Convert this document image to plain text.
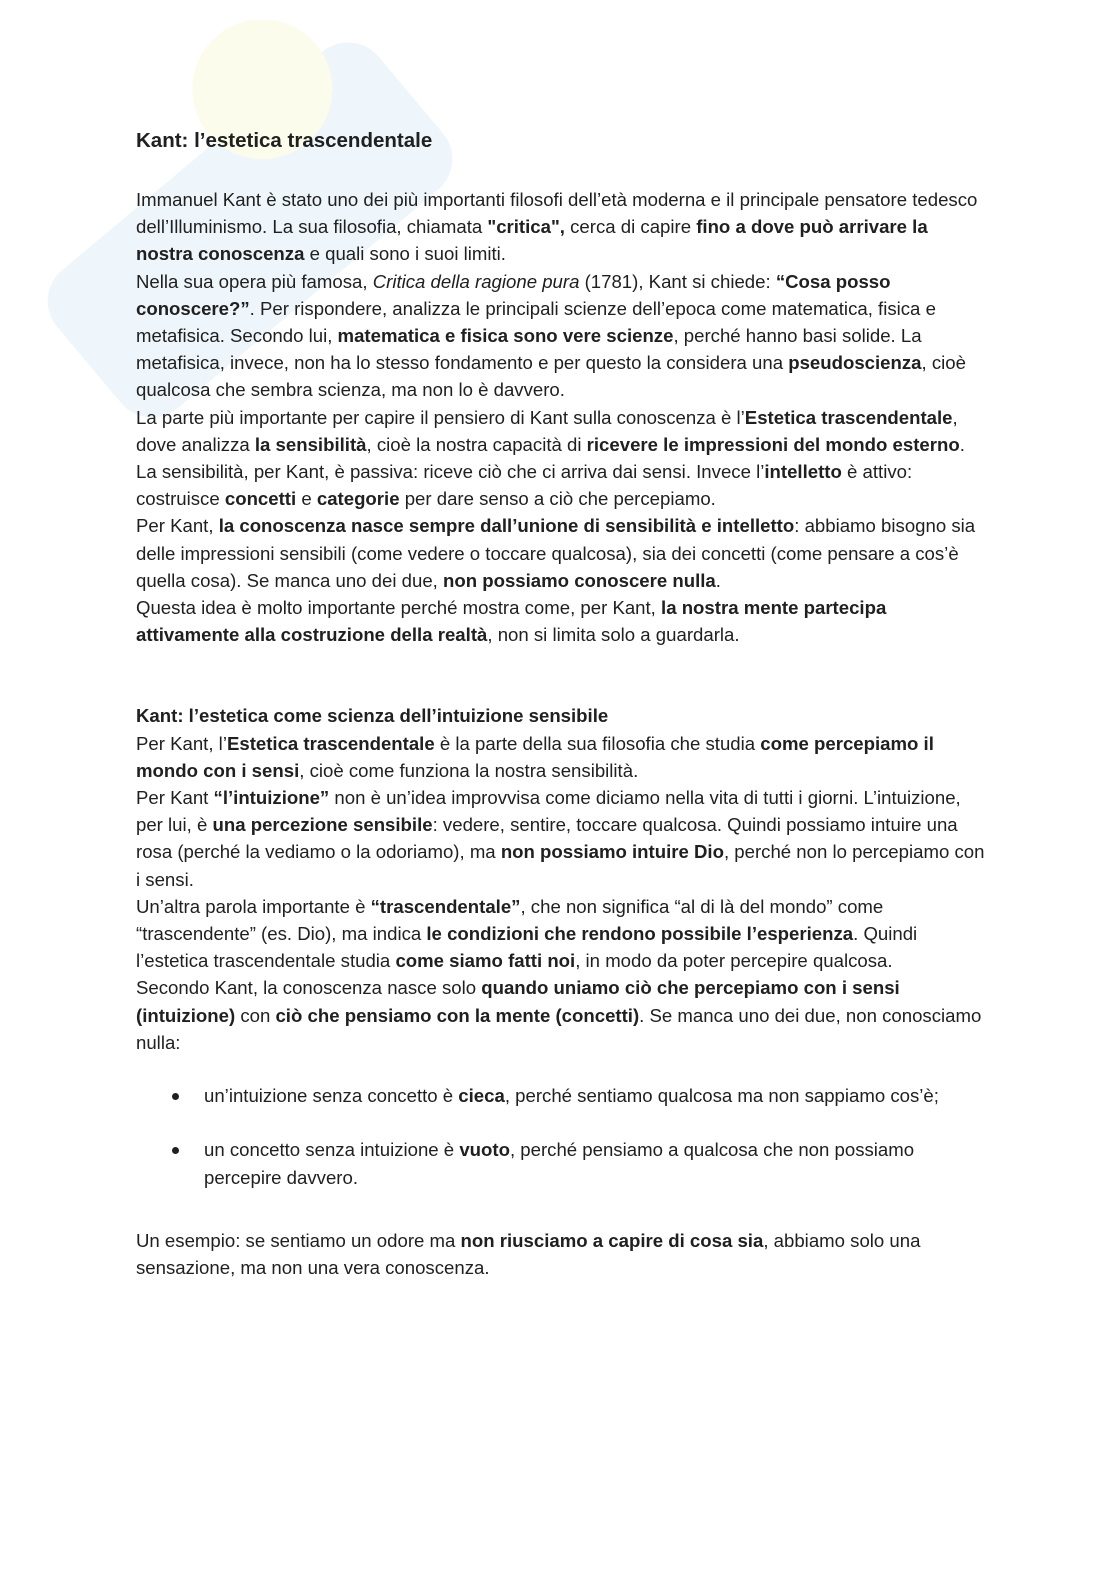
Kant: l’estetica trascendentale

Immanuel Kant è stato uno dei più importanti filosofi dell’età moderna e il principale pensatore tedesco dell’Illuminismo. La sua filosofia, chiamata "critica", cerca di capire fino a dove può arrivare la nostra conoscenza e quali sono i suoi limiti.

Nella sua opera più famosa, Critica della ragione pura (1781), Kant si chiede: “Cosa posso conoscere?”. Per rispondere, analizza le principali scienze dell’epoca come matematica, fisica e metafisica. Secondo lui, matematica e fisica sono vere scienze, perché hanno basi solide. La metafisica, invece, non ha lo stesso fondamento e per questo la considera una pseudoscienza, cioè qualcosa che sembra scienza, ma non lo è davvero.

La parte più importante per capire il pensiero di Kant sulla conoscenza è l’Estetica trascendentale, dove analizza la sensibilità, cioè la nostra capacità di ricevere le impressioni del mondo esterno. La sensibilità, per Kant, è passiva: riceve ciò che ci arriva dai sensi. Invece l’intelletto è attivo: costruisce concetti e categorie per dare senso a ciò che percepiamo.

Per Kant, la conoscenza nasce sempre dall’unione di sensibilità e intelletto: abbiamo bisogno sia delle impressioni sensibili (come vedere o toccare qualcosa), sia dei concetti (come pensare a cos’è quella cosa). Se manca uno dei due, non possiamo conoscere nulla.

Questa idea è molto importante perché mostra come, per Kant, la nostra mente partecipa attivamente alla costruzione della realtà, non si limita solo a guardarla.

Kant: l’estetica come scienza dell’intuizione sensibile

Per Kant, l’Estetica trascendentale è la parte della sua filosofia che studia come percepiamo il mondo con i sensi, cioè come funziona la nostra sensibilità.

Per Kant “l’intuizione” non è un’idea improvvisa come diciamo nella vita di tutti i giorni. L’intuizione, per lui, è una percezione sensibile: vedere, sentire, toccare qualcosa. Quindi possiamo intuire una rosa (perché la vediamo o la odoriamo), ma non possiamo intuire Dio, perché non lo percepiamo con i sensi.

Un’altra parola importante è “trascendentale”, che non significa “al di là del mondo” come “trascendente” (es. Dio), ma indica le condizioni che rendono possibile l’esperienza. Quindi l’estetica trascendentale studia come siamo fatti noi, in modo da poter percepire qualcosa.

Secondo Kant, la conoscenza nasce solo quando uniamo ciò che percepiamo con i sensi (intuizione) con ciò che pensiamo con la mente (concetti). Se manca uno dei due, non conosciamo nulla:

un’intuizione senza concetto è cieca, perché sentiamo qualcosa ma non sappiamo cos’è;
un concetto senza intuizione è vuoto, perché pensiamo a qualcosa che non possiamo percepire davvero.

Un esempio: se sentiamo un odore ma non riusciamo a capire di cosa sia, abbiamo solo una sensazione, ma non una vera conoscenza.
